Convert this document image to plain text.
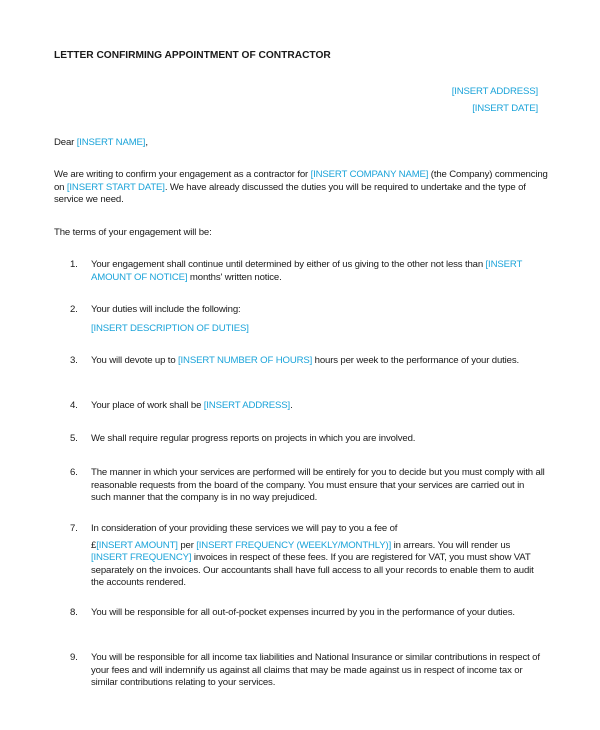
LETTER CONFIRMING APPOINTMENT OF CONTRACTOR
[INSERT ADDRESS]
[INSERT DATE]
Dear [INSERT NAME],
We are writing to confirm your engagement as a contractor for [INSERT COMPANY NAME] (the Company) commencing on [INSERT START DATE]. We have already discussed the duties you will be required to undertake and the type of service we need.
The terms of your engagement will be:
1. Your engagement shall continue until determined by either of us giving to the other not less than [INSERT AMOUNT OF NOTICE] months' written notice.
2. Your duties will include the following:
[INSERT DESCRIPTION OF DUTIES]
3. You will devote up to [INSERT NUMBER OF HOURS] hours per week to the performance of your duties.
4. Your place of work shall be [INSERT ADDRESS].
5. We shall require regular progress reports on projects in which you are involved.
6. The manner in which your services are performed will be entirely for you to decide but you must comply with all reasonable requests from the board of the company. You must ensure that your services are carried out in such manner that the company is in no way prejudiced.
7. In consideration of your providing these services we will pay to you a fee of
£[INSERT AMOUNT] per [INSERT FREQUENCY (WEEKLY/MONTHLY)] in arrears. You will render us [INSERT FREQUENCY] invoices in respect of these fees. If you are registered for VAT, you must show VAT separately on the invoices. Our accountants shall have full access to all your records to enable them to audit the accounts rendered.
8. You will be responsible for all out-of-pocket expenses incurred by you in the performance of your duties.
9. You will be responsible for all income tax liabilities and National Insurance or similar contributions in respect of your fees and will indemnify us against all claims that may be made against us in respect of income tax or similar contributions relating to your services.
